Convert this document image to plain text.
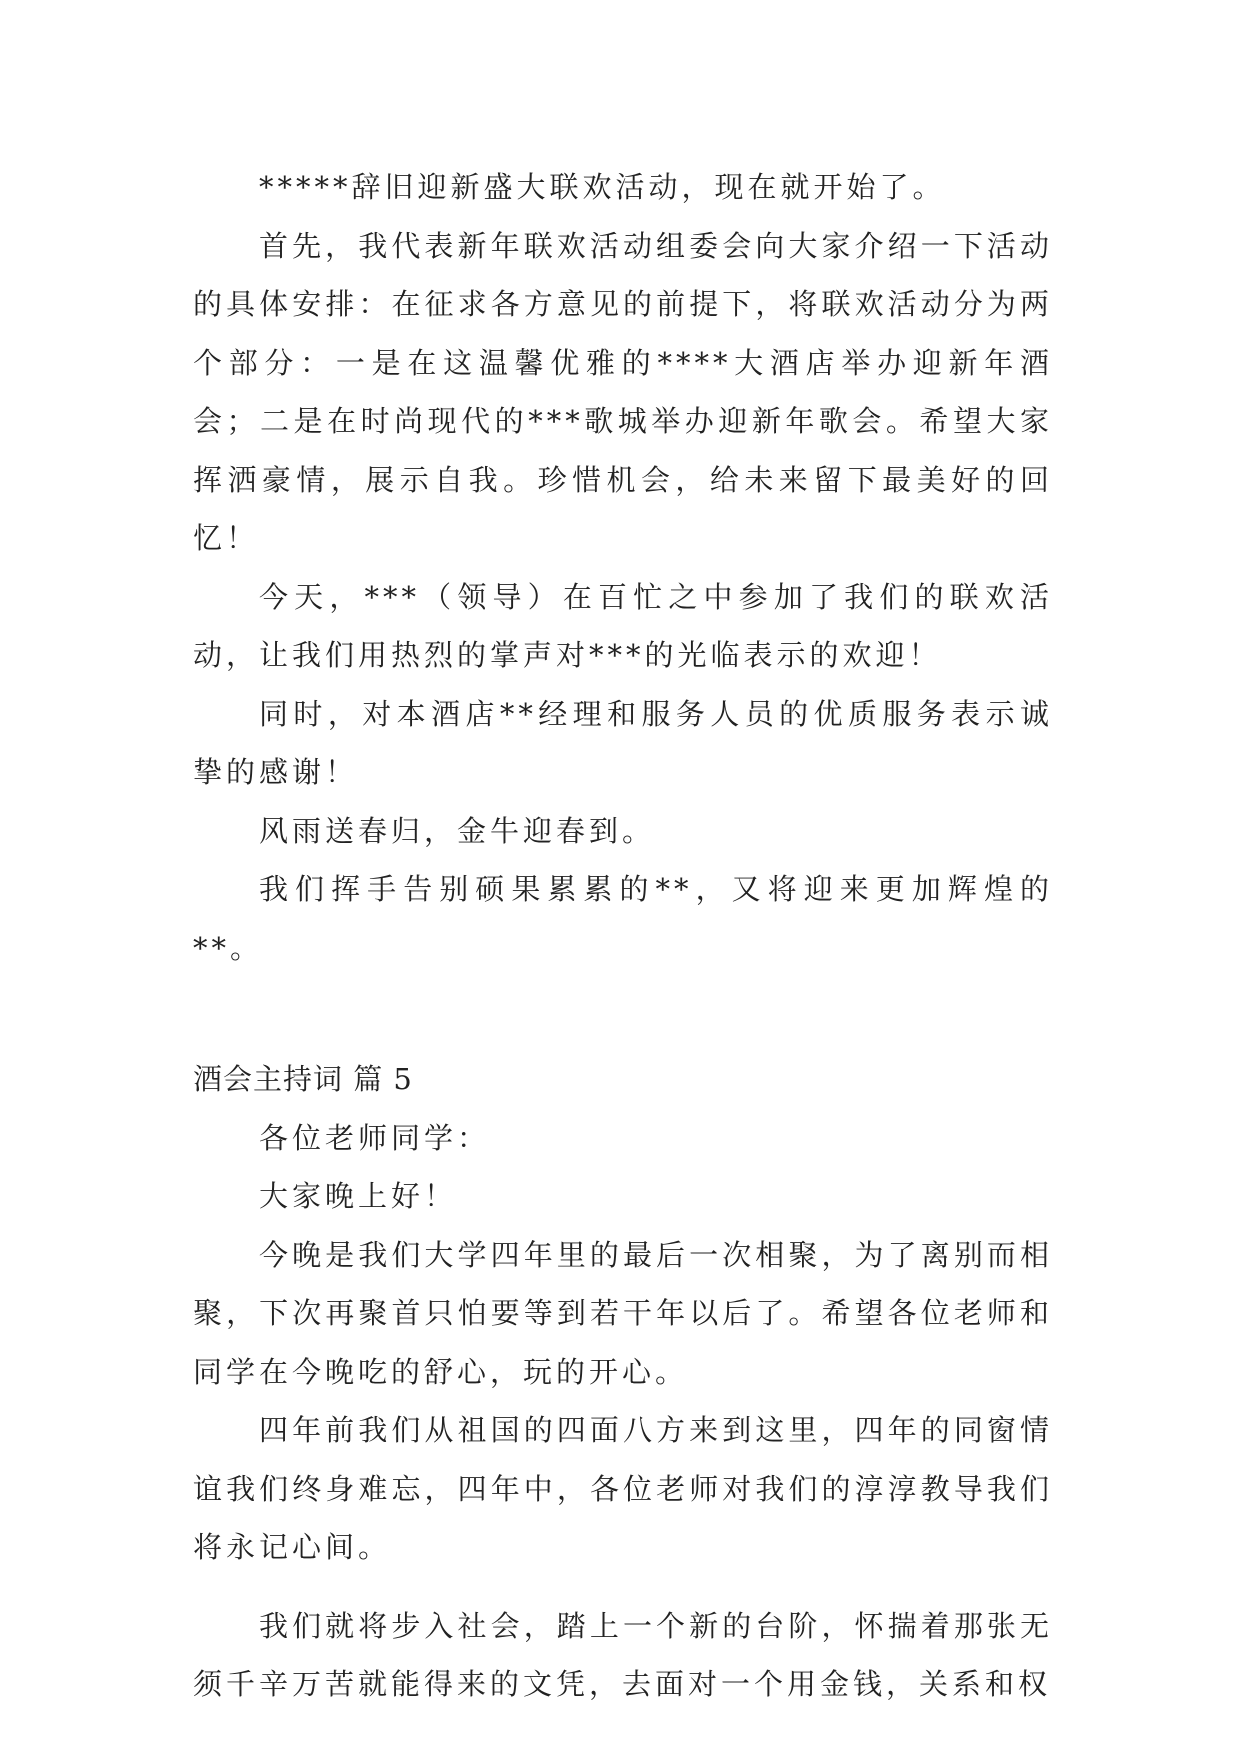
*****辞旧迎新盛大联欢活动，现在就开始了。

首先，我代表新年联欢活动组委会向大家介绍一下活动的具体安排：在征求各方意见的前提下，将联欢活动分为两个部分：一是在这温馨优雅的****大酒店举办迎新年酒会；二是在时尚现代的***歌城举办迎新年歌会。希望大家挥洒豪情，展示自我。珍惜机会，给未来留下最美好的回忆！

今天，***（领导）在百忙之中参加了我们的联欢活动，让我们用热烈的掌声对***的光临表示的欢迎！

同时，对本酒店**经理和服务人员的优质服务表示诚挚的感谢！

风雨送春归，金牛迎春到。

我们挥手告别硕果累累的**，又将迎来更加辉煌的**。

酒会主持词 篇 5

各位老师同学：

大家晚上好！

今晚是我们大学四年里的最后一次相聚，为了离别而相聚，下次再聚首只怕要等到若干年以后了。希望各位老师和同学在今晚吃的舒心，玩的开心。

四年前我们从祖国的四面八方来到这里，四年的同窗情谊我们终身难忘，四年中，各位老师对我们的淳淳教导我们将永记心间。

我们就将步入社会，踏上一个新的台阶，怀揣着那张无须千辛万苦就能得来的文凭，去面对一个用金钱，关系和权
